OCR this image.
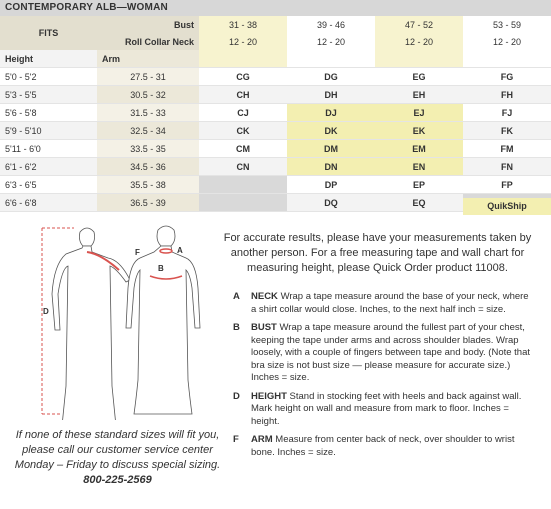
CONTEMPORARY ALB—WOMAN
FITS	Bust	31 - 38	39 - 46	47 - 52	53 - 59
	Roll Collar Neck	12 - 20	12 - 20	12 - 20	12 - 20
Height	Arm				
5'0 - 5'2	27.5 - 31	CG	DG	EG	FG
5'3 - 5'5	30.5 - 32	CH	DH	EH	FH
5'6 - 5'8	31.5 - 33	CJ	DJ	EJ	FJ
5'9 - 5'10	32.5 - 34	CK	DK	EK	FK
5'11 - 6'0	33.5 - 35	CM	DM	EM	FM
6'1 - 6'2	34.5 - 36	CN	DN	EN	FN
6'3 - 6'5	35.5 - 38		DP	EP	FP
6'6 - 6'8	36.5 - 39		DQ	EQ		QuikShip
D
F	A
B
If none of these standard sizes will fit you, please call our customer service center Monday – Friday to discuss special sizing. 800-225-2569
For accurate results, please have your measurements taken by another person. For a free measuring tape and wall chart for measuring height, please Quick Order product 11008.
A NECK Wrap a tape measure around the base of your neck, where a shirt collar would close. Inches, to the next half inch = size.
B BUST Wrap a tape measure around the fullest part of your chest, keeping the tape under arms and across shoulder blades. Wrap loosely, with a couple of fingers between tape and body. (Note that bra size is not bust size — please measure for accurate size.) Inches = size.
D HEIGHT Stand in stocking feet with heels and back against wall. Mark height on wall and measure from mark to floor. Inches = height.
F ARM Measure from center back of neck, over shoulder to wrist bone. Inches = size.
